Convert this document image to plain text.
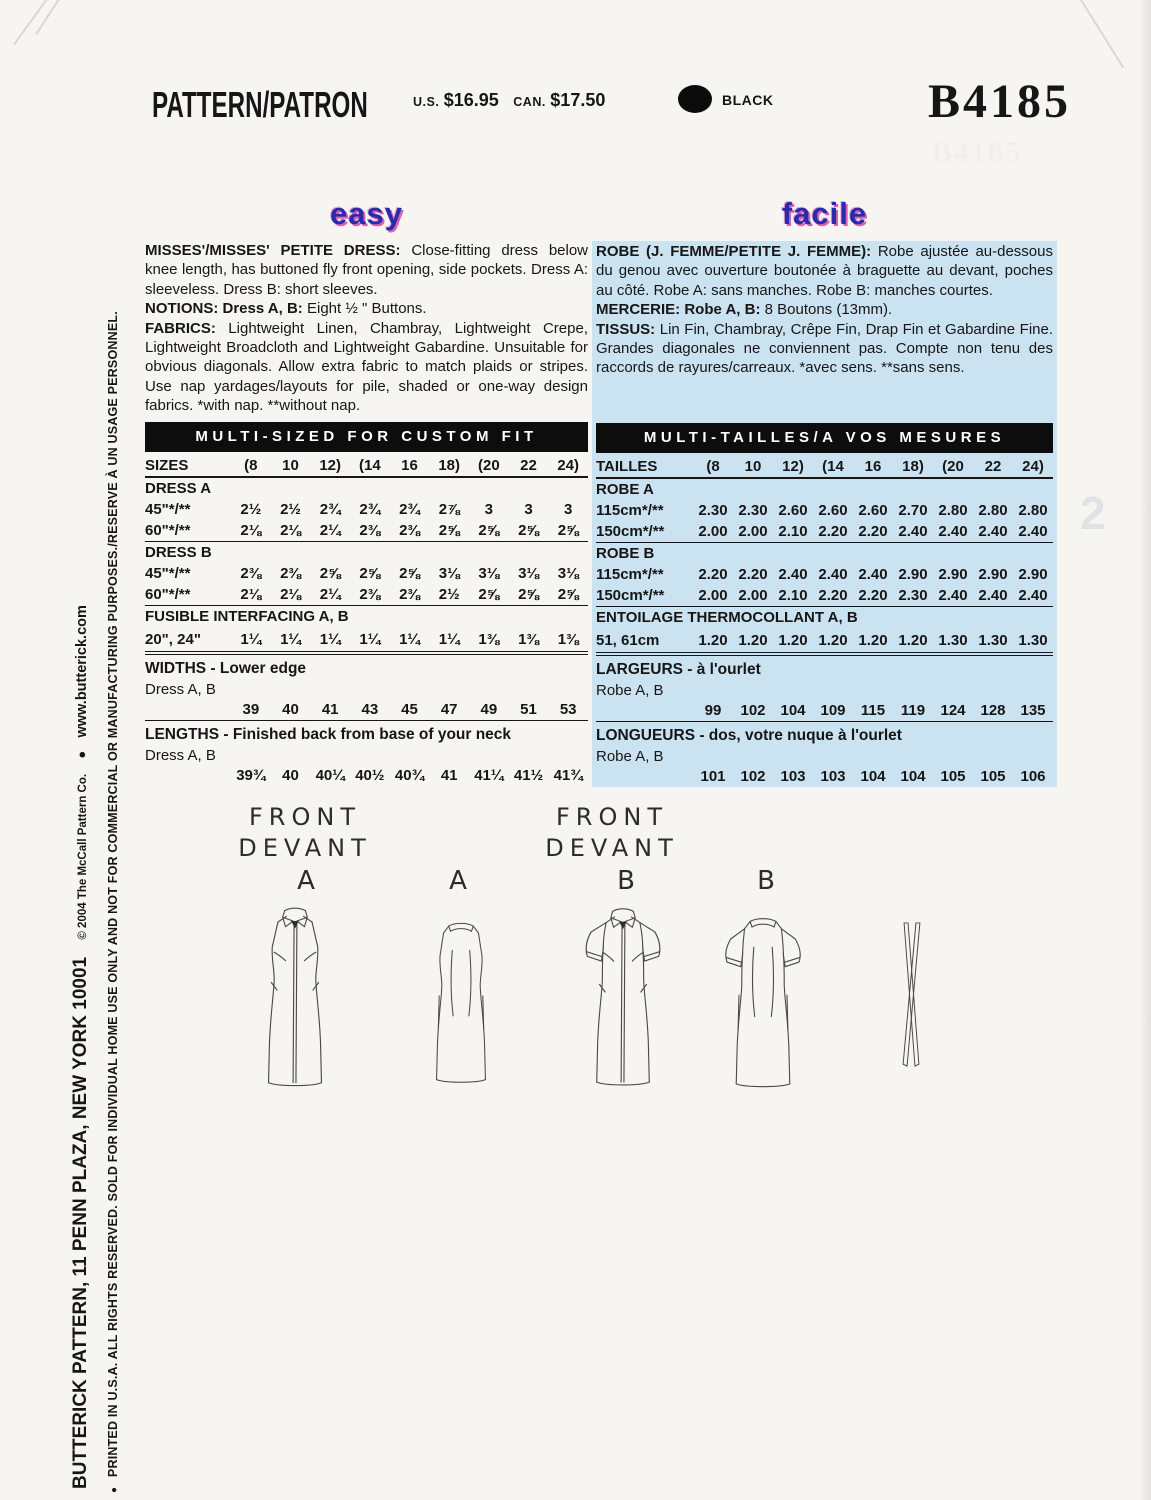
2
PATTERN/PATRON	U.S. $16.95 CAN. $17.50	BLACK	B4185
B4185
BUTTERICK PATTERN, 11 PENN PLAZA, NEW YORK 10001 © 2004 The McCall Pattern Co. ● www.butterick.com
● PRINTED IN U.S.A. ALL RIGHTS RESERVED. SOLD FOR INDIVIDUAL HOME USE ONLY AND NOT FOR COMMERCIAL OR MANUFACTURING PURPOSES./RESERVE À UN USAGE PERSONNEL.
easy

MISSES'/MISSES' PETITE DRESS: Close-fitting dress below knee length, has buttoned fly front opening, side pockets. Dress A: sleeveless. Dress B: short sleeves.

NOTIONS: Dress A, B: Eight ½ " Buttons.

FABRICS: Lightweight Linen, Chambray, Lightweight Crepe, Lightweight Broadcloth and Lightweight Gabardine. Unsuitable for obvious diagonals. Allow extra fabric to match plaids or stripes. Use nap yardages/layouts for pile, shaded or one-way design fabrics. *with nap. **without nap.

MULTI-SIZED FOR CUSTOM FIT
SIZES	(8	10	12)	(14	16	18)	(20	22	24)
DRESS A
45"*/**	2½	2½	2¾	2¾	2¾	2⅞	3	3	3
60"*/**	2⅛	2⅛	2¼	2⅜	2⅜	2⅝	2⅝	2⅝	2⅝
DRESS B
45"*/**	2⅜	2⅜	2⅝	2⅝	2⅝	3⅛	3⅛	3⅛	3⅛
60"*/**	2⅛	2⅛	2¼	2⅜	2⅜	2½	2⅝	2⅝	2⅝
FUSIBLE INTERFACING A, B
20", 24"	1¼	1¼	1¼	1¼	1¼	1¼	1⅜	1⅜	1⅜
WIDTHS - Lower edge
Dress A, B
39	40	41	43	45	47	49	51	53
LENGTHS - Finished back from base of your neck
Dress A, B
39¾	40	40¼ 40½ 40¾	41	41¼ 41½ 41¾
facile

ROBE (J. FEMME/PETITE J. FEMME): Robe ajustée au-dessous du genou avec ouverture boutonée à braguette au devant, poches au côté. Robe A: sans manches. Robe B: manches courtes.

MERCERIE: Robe A, B: 8 Boutons (13mm).

TISSUS: Lin Fin, Chambray, Crêpe Fin, Drap Fin et Gabardine Fine. Grandes diagonales ne conviennent pas. Compte non tenu des raccords de rayures/carreaux. *avec sens. **sans sens.

MULTI-TAILLES/A VOS MESURES
TAILLES	(8	10	12)	(14	16	18)	(20	22	24)
ROBE A
115cm*/**	2.30 2.30 2.60 2.60 2.60 2.70 2.80 2.80 2.80
150cm*/**	2.00 2.00 2.10 2.20 2.20 2.40 2.40 2.40 2.40
ROBE B
115cm*/**	2.20 2.20 2.40 2.40 2.40 2.90 2.90 2.90 2.90
150cm*/**	2.00 2.00 2.10 2.20 2.20 2.30 2.40 2.40 2.40
ENTOILAGE THERMOCOLLANT A, B
51, 61cm	1.20 1.20 1.20 1.20 1.20 1.20 1.30 1.30 1.30
LARGEURS - à l'ourlet
Robe A, B
99	102 104 109	115	119	124 128 135
LONGUEURS - dos, votre nuque à l'ourlet
Robe A, B
101 102 103 103 104 104 105 105 106
FRONT
DEVANT
FRONT
DEVANT
A	A	B	B
